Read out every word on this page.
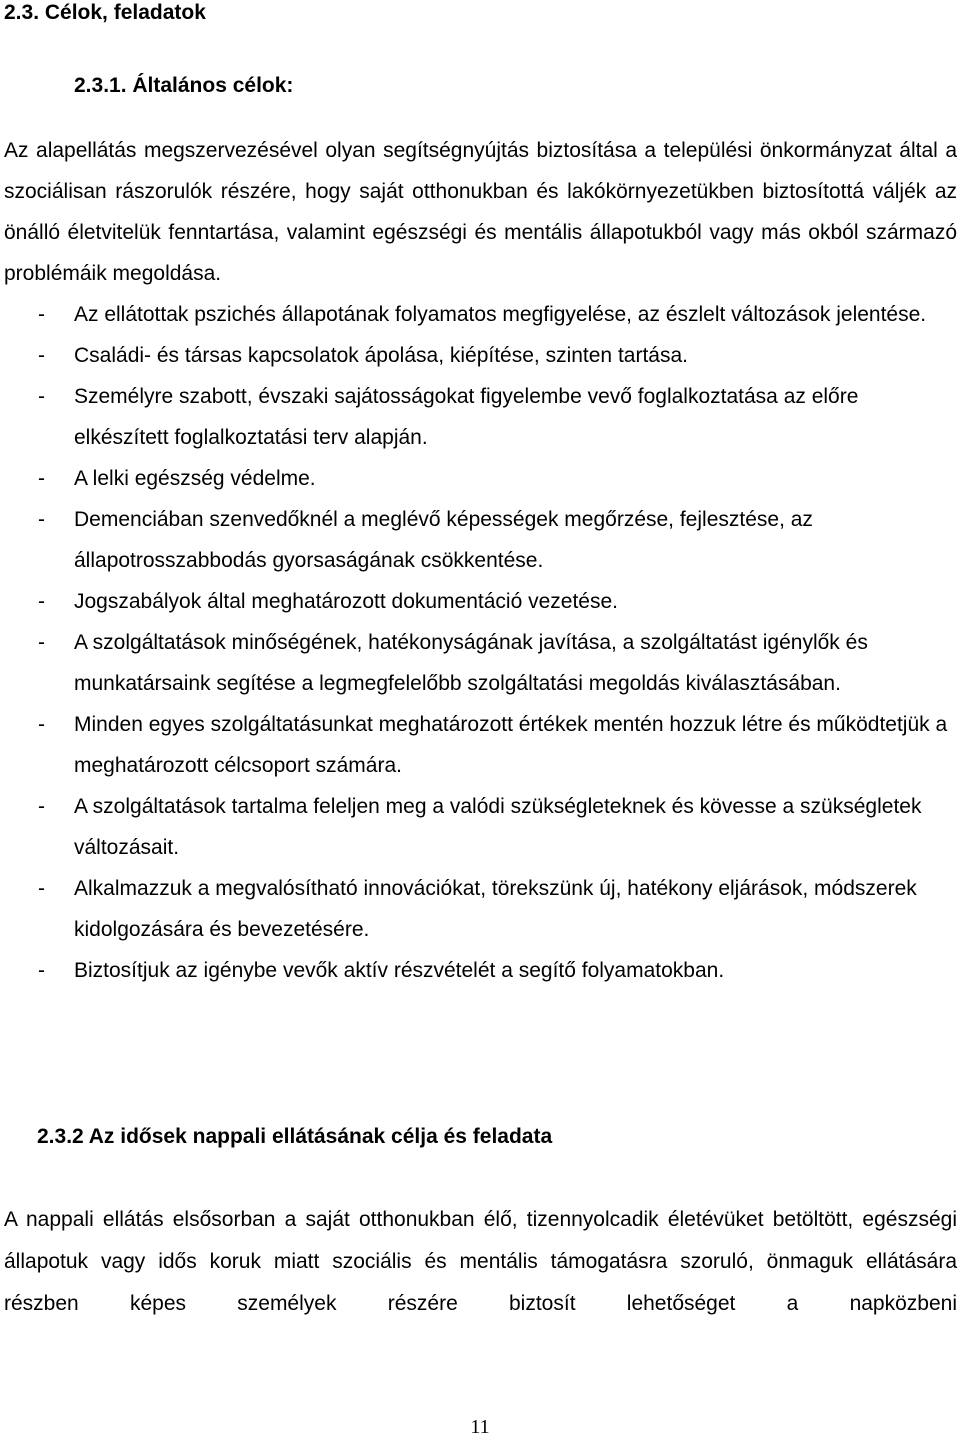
2.3. Célok, feladatok
2.3.1. Általános célok:

Az alapellátás megszervezésével olyan segítségnyújtás biztosítása a települési önkormányzat által a szociálisan rászorulók részére, hogy saját otthonukban és lakókörnyezetükben biztosítottá váljék az önálló életvitelük fenntartása, valamint egészségi és mentális állapotukból vagy más okból származó problémáik megoldása.

- Az ellátottak pszichés állapotának folyamatos megfigyelése, az észlelt változások jelentése.
- Családi- és társas kapcsolatok ápolása, kiépítése, szinten tartása.
- Személyre szabott, évszaki sajátosságokat figyelembe vevő foglalkoztatása az előre elkészített foglalkoztatási terv alapján.
- A lelki egészség védelme.
- Demenciában szenvedőknél a meglévő képességek megőrzése, fejlesztése, az állapotrosszabbodás gyorsaságának csökkentése.
- Jogszabályok által meghatározott dokumentáció vezetése.
- A szolgáltatások minőségének, hatékonyságának javítása, a szolgáltatást igénylők és munkatársaink segítése a legmegfelelőbb szolgáltatási megoldás kiválasztásában.
- Minden egyes szolgáltatásunkat meghatározott értékek mentén hozzuk létre és működtetjük a meghatározott célcsoport számára.
- A szolgáltatások tartalma feleljen meg a valódi szükségleteknek és kövesse a szükségletek változásait.
- Alkalmazzuk a megvalósítható innovációkat, törekszünk új, hatékony eljárások, módszerek kidolgozására és bevezetésére.
- Biztosítjuk az igénybe vevők aktív részvételét a segítő folyamatokban.
2.3.2 Az idősek nappali ellátásának célja és feladata

A nappali ellátás elsősorban a saját otthonukban élő, tizennyolcadik életévüket betöltött, egészségi állapotuk vagy idős koruk miatt szociális és mentális támogatásra szoruló, önmaguk ellátására részben képes személyek részére biztosít lehetőséget a napközbeni

11
